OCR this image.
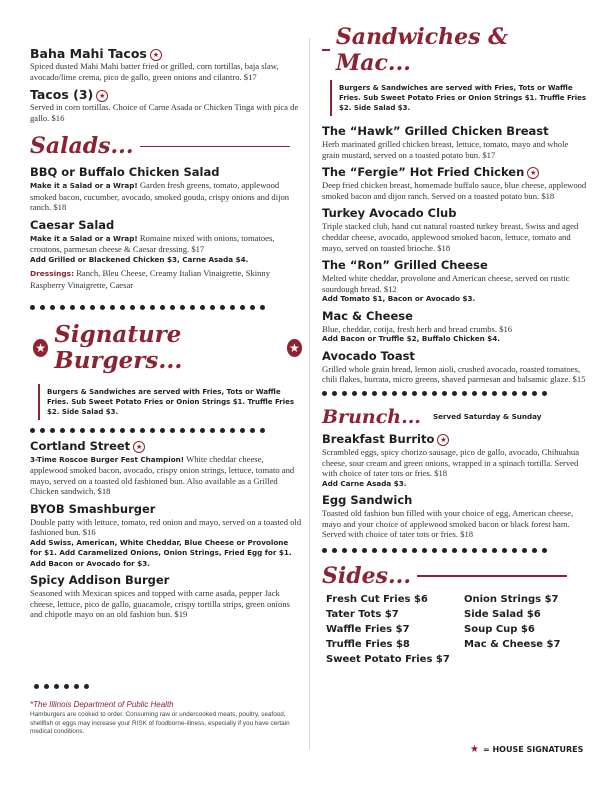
Baha Mahi Tacos ★
Spiced dusted Mahi Mahi batter fried or grilled, corn tortillas, baja slaw, avocado/lime crema, pico de gallo, green onions and cilantro. $17
Tacos (3) ★
Served in corn tortillas. Choice of Carne Asada or Chicken Tinga with pica de gallo. $16
Salads...
BBQ or Buffalo Chicken Salad
Make it a Salad or a Wrap! Garden fresh greens, tomato, applewood smoked bacon, cucumber, avocado, smoked gouda, crispy onions and dijon ranch. $18
Caesar Salad
Make it a Salad or a Wrap! Romaine mixed with onions, tomatoes, croutons, parmesan cheese & Caesar dressing. $17
Add Grilled or Blackened Chicken $3, Carne Asada $4.
Dressings: Ranch, Bleu Cheese, Creamy Italian Vinaigrette, Skinny Raspberry Vinaigrette, Caesar
★ Signature Burgers...	★
Burgers & Sandwiches are served with Fries, Tots or Waffle Fries. Sub Sweet Potato Fries or Onion Strings $1. Truffle Fries $2. Side Salad $3.
Cortland Street ★
3-Time Roscoe Burger Fest Champion! White cheddar cheese, applewood smoked bacon, avocado, crispy onion strings, lettuce, tomato and mayo, served on a toasted old fashioned bun. Also available as a Grilled Chicken sandwich. $18
BYOB Smashburger
Double patty with lettuce, tomato, red onion and mayo, served on a toasted old fashioned bun. $16
Add Swiss, American, White Cheddar, Blue Cheese or Provolone for $1. Add Caramelized Onions, Onion Strings, Fried Egg for $1. Add Bacon or Avocado for $3.
Spicy Addison Burger
Seasoned with Mexican spices and topped with carne asada, pepper Jack cheese, lettuce, pico de gallo, guacamole, crispy tortilla strips, green onions and chipotle mayo on an old fashion bun. $19
*The Illinois Department of Public Health
Hamburgers are cooked to order. Consuming raw or undercooked meats, poultry, seafood, shellfish or eggs may increase your RISK of foodborne-illness, especially if you have certain medical conditions.
Sandwiches & Mac...
Burgers & Sandwiches are served with Fries, Tots or Waffle Fries. Sub Sweet Potato Fries or Onion Strings $1. Truffle Fries $2. Side Salad $3.
The “Hawk” Grilled Chicken Breast
Herb marinated grilled chicken breast, lettuce, tomato, mayo and whole grain mustard, served on a toasted potato bun. $17
The “Fergie” Hot Fried Chicken ★
Deep fried chicken breast, homemade buffalo sauce, blue cheese, applewood smoked bacon and dijon ranch. Served on a toasted potato bun. $18
Turkey Avocado Club
Triple stacked club, hand cut natural roasted turkey breast, Swiss and aged cheddar cheese, avocado, applewood smoked bacon, lettuce, tomato and mayo, served on toasted brioche. $18
The “Ron” Grilled Cheese
Melted white cheddar, provolone and American cheese, served on rustic sourdough bread. $12
Add Tomato $1, Bacon or Avocado $3.
Mac & Cheese
Blue, cheddar, cotija, fresh herb and bread crumbs. $16
Add Bacon or Truffle $2, Buffalo Chicken $4.
Avocado Toast
Grilled whole grain bread, lemon aioli, crushed avocado, roasted tomatoes, chili flakes, burrata, micro greens, shaved parmesan and balsamic glaze. $15
Brunch... Served Saturday & Sunday
Breakfast Burrito ★
Scrambled eggs, spicy chorizo sausage, pico de gallo, avocado, Chihuahua cheese, sour cream and green onions, wrapped in a spinach tortilla. Served with choice of tater tots or fries. $18
Add Carne Asada $3.
Egg Sandwich
Toasted old fashion bun filled with your choice of egg, American cheese, mayo and your choice of applewood smoked bacon or black forest ham. Served with choice of tater tots or fries. $18
Sides...
Fresh Cut Fries $6	Onion Strings $7
Tater Tots $7	Side Salad $6
Waffle Fries $7	Soup Cup $6
Truffle Fries $8	Mac & Cheese $7
Sweet Potato Fries $7
★ = HOUSE SIGNATURES
